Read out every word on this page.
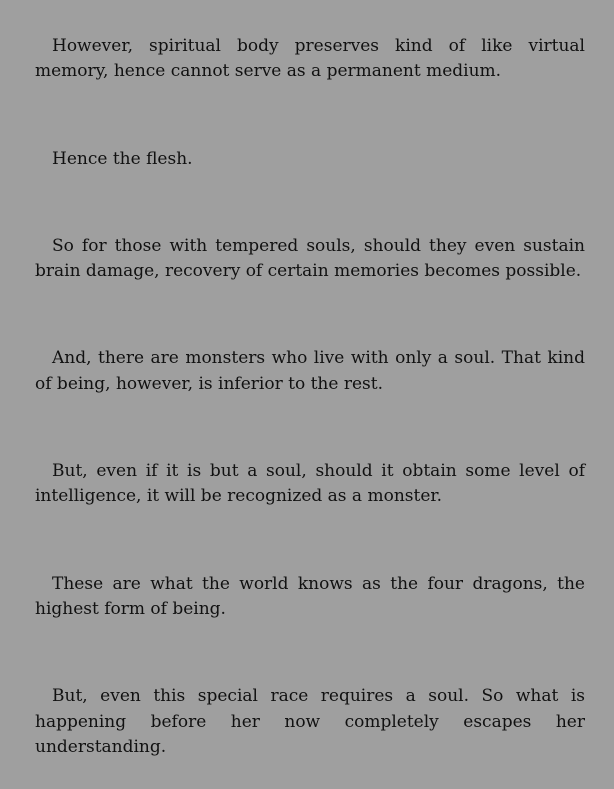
However, spiritual body preserves kind of like virtual memory, hence cannot serve as a permanent medium.

Hence the flesh.

So for those with tempered souls, should they even sustain brain damage, recovery of certain memories becomes possible.

And, there are monsters who live with only a soul. That kind of being, however, is inferior to the rest.

But, even if it is but a soul, should it obtain some level of intelligence, it will be recognized as a monster.

These are what the world knows as the four dragons, the highest form of being.

But, even this special race requires a soul. So what is happening before her now completely escapes her understanding.
